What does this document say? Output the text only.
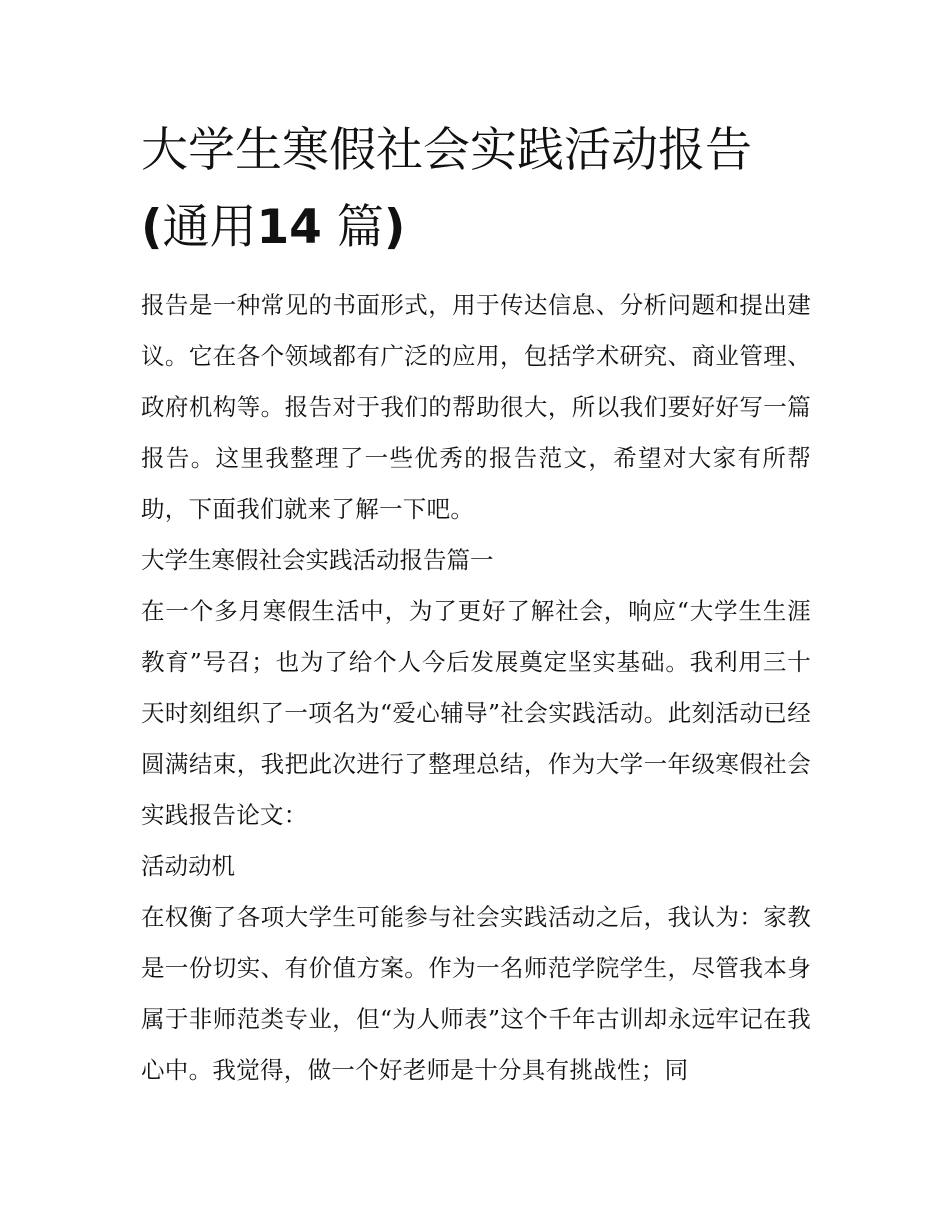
大学生寒假社会实践活动报告
(通用14 篇)

报告是一种常见的书面形式，用于传达信息、分析问题和提出建议。它在各个领域都有广泛的应用，包括学术研究、商业管理、政府机构等。报告对于我们的帮助很大，所以我们要好好写一篇报告。这里我整理了一些优秀的报告范文，希望对大家有所帮助，下面我们就来了解一下吧。

大学生寒假社会实践活动报告篇一

在一个多月寒假生活中，为了更好了解社会，响应“大学生生涯教育”号召；也为了给个人今后发展奠定坚实基础。我利用三十天时刻组织了一项名为“爱心辅导”社会实践活动。此刻活动已经圆满结束，我把此次进行了整理总结，作为大学一年级寒假社会实践报告论文：

活动动机

在权衡了各项大学生可能参与社会实践活动之后，我认为：家教是一份切实、有价值方案。作为一名师范学院学生，尽管我本身属于非师范类专业，但“为人师表”这个千年古训却永远牢记在我心中。我觉得，做一个好老师是十分具有挑战性；同
